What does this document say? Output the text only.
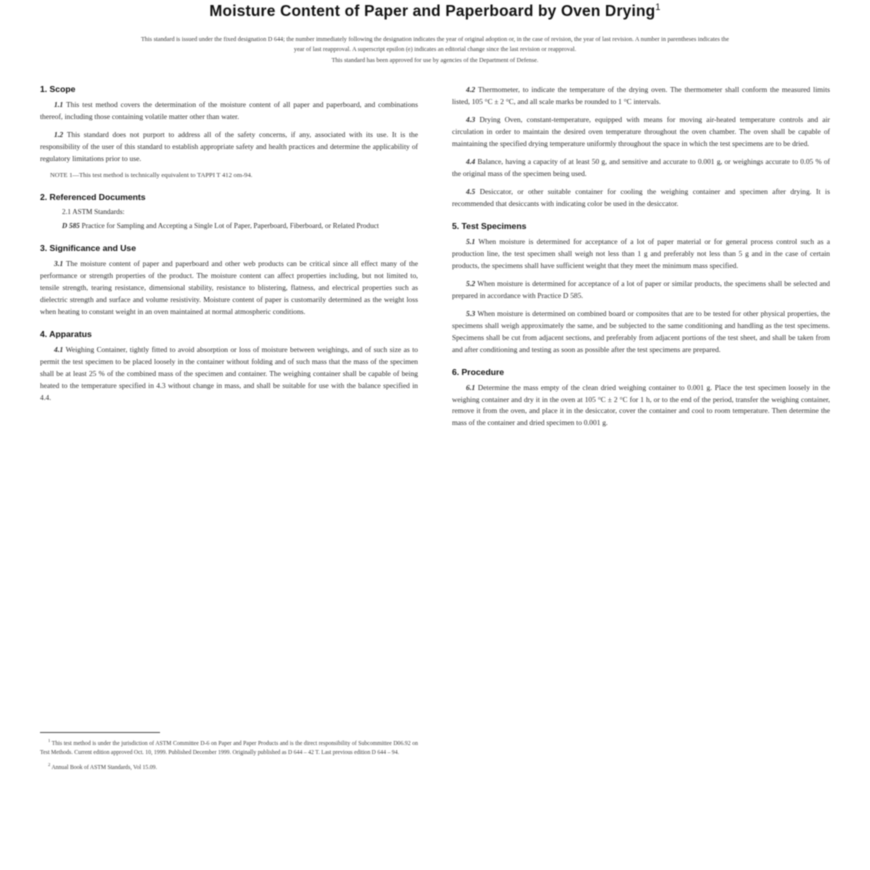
Moisture Content of Paper and Paperboard by Oven Drying$^1$

This standard is issued under the fixed designation D 644; the number immediately following the designation indicates the year of original adoption or, in the case of revision, the year of last revision. A number in parentheses indicates the year of last reapproval. A superscript epsilon (e) indicates an editorial change since the last revision or reapproval.

This standard has been approved for use by agencies of the Department of Defense.

1. Scope

1.1 This test method covers the determination of the moisture content of all paper and paperboard, and combinations thereof, including those containing volatile matter other than water.

1.2 This standard does not purport to address all of the safety concerns, if any, associated with its use. It is the responsibility of the user of this standard to establish appropriate safety and health practices and determine the applicability of regulatory limitations prior to use.

NOTE 1—This test method is technically equivalent to TAPPI T 412 om-94.

2. Referenced Documents
2.1 ASTM Standards:
D 585 Practice for Sampling and Accepting a Single Lot of Paper, Paperboard, Fiberboard, or Related Product
3. Significance and Use

3.1 The moisture content of paper and paperboard and other web products can be critical since all effect many of the performance or strength properties of the product. The moisture content can affect properties including, but not limited to, tensile strength, tearing resistance, dimensional stability, resistance to blistering, flatness, and electrical properties such as dielectric strength and surface and volume resistivity. Moisture content of paper is customarily determined as the weight loss when heating to constant weight in an oven maintained at normal atmospheric conditions.

4. Apparatus

4.1 Weighing Container, tightly fitted to avoid absorption or loss of moisture between weighings, and of such size as to permit the test specimen to be placed loosely in the container without folding and of such mass that the mass of the specimen shall be at least 25 % of the combined mass of the specimen and container. The weighing container shall be capable of being heated to the temperature specified in 4.3 without change in mass, and shall be suitable for use with the balance specified in 4.4.

$^1$ This test method is under the jurisdiction of ASTM Committee D-6 on Paper and Paper Products and is the direct responsibility of Subcommittee D06.92 on Test Methods. Current edition approved Oct. 10, 1999. Published December 1999. Originally published as D 644 – 42 T. Last previous edition D 644 – 94.

$^2$ Annual Book of ASTM Standards, Vol 15.09.

4.2 Thermometer, to indicate the temperature of the drying oven. The thermometer shall conform the measured limits listed, 105 °C ± 2 °C, and all scale marks be rounded to 1 °C intervals.

4.3 Drying Oven, constant-temperature, equipped with means for moving air-heated temperature controls and air circulation in order to maintain the desired oven temperature throughout the oven chamber. The oven shall be capable of maintaining the specified drying temperature uniformly throughout the space in which the test specimens are to be dried.

4.4 Balance, having a capacity of at least 50 g, and sensitive and accurate to 0.001 g, or weighings accurate to 0.05 % of the original mass of the specimen being used.

4.5 Desiccator, or other suitable container for cooling the weighing container and specimen after drying. It is recommended that desiccants with indicating color be used in the desiccator.

5. Test Specimens

5.1 When moisture is determined for acceptance of a lot of paper material or for general process control such as a production line, the test specimen shall weigh not less than 1 g and preferably not less than 5 g and in the case of certain products, the specimens shall have sufficient weight that they meet the minimum mass specified.

5.2 When moisture is determined for acceptance of a lot of paper or similar products, the specimens shall be selected and prepared in accordance with Practice D 585.

5.3 When moisture is determined on combined board or composites that are to be tested for other physical properties, the specimens shall weigh approximately the same, and be subjected to the same conditioning and handling as the test specimens. Specimens shall be cut from adjacent sections, and preferably from adjacent portions of the test sheet, and shall be taken from and after conditioning and testing as soon as possible after the test specimens are prepared.

6. Procedure

6.1 Determine the mass empty of the clean dried weighing container to 0.001 g. Place the test specimen loosely in the weighing container and dry it in the oven at 105 °C ± 2 °C for 1 h, or to the end of the period, transfer the weighing container, remove it from the oven, and place it in the desiccator, cover the container and cool to room temperature. Then determine the mass of the container and dried specimen to 0.001 g.
